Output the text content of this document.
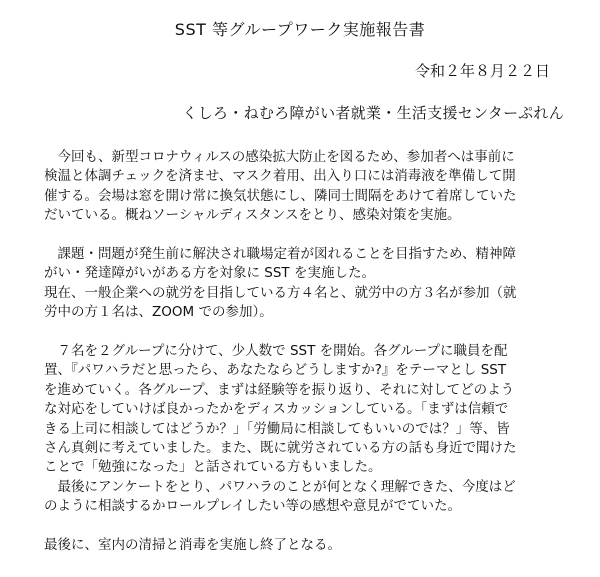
SST 等グループワーク実施報告書
令和２年８月２２日
くしろ・ねむろ障がい者就業・生活支援センターぷれん

　今回も、新型コロナウィルスの感染拡大防止を図るため、参加者へは事前に
検温と体調チェックを済ませ、マスク着用、出入り口には消毒液を準備して開
催する。会場は窓を開け常に換気状態にし、隣同士間隔をあけて着席していた
だいている。概ねソーシャルディスタンスをとり、感染対策を実施。

　課題・問題が発生前に解決され職場定着が図れることを目指すため、精神障
がい・発達障がいがある方を対象に SST を実施した。
現在、一般企業への就労を目指している方４名と、就労中の方３名が参加（就
労中の方１名は、ZOOM での参加）。

　７名を２グループに分けて、少人数で SST を開始。各グループに職員を配
置、『パワハラだと思ったら、あなたならどうしますか?』をテーマとし SST
を進めていく。各グループ、まずは経験等を振り返り、それに対してどのよう
な対応をしていけば良かったかをディスカッションしている。「まずは信頼で
きる上司に相談してはどうか？」「労働局に相談してもいいのでは？」等、皆
さん真剣に考えていました。また、既に就労されている方の話も身近で聞けた
ことで「勉強になった」と話されている方もいました。

　最後にアンケートをとり、パワハラのことが何となく理解できた、今度はど
のように相談するかロールプレイしたい等の感想や意見がでていた。

最後に、室内の清掃と消毒を実施し終了となる。
